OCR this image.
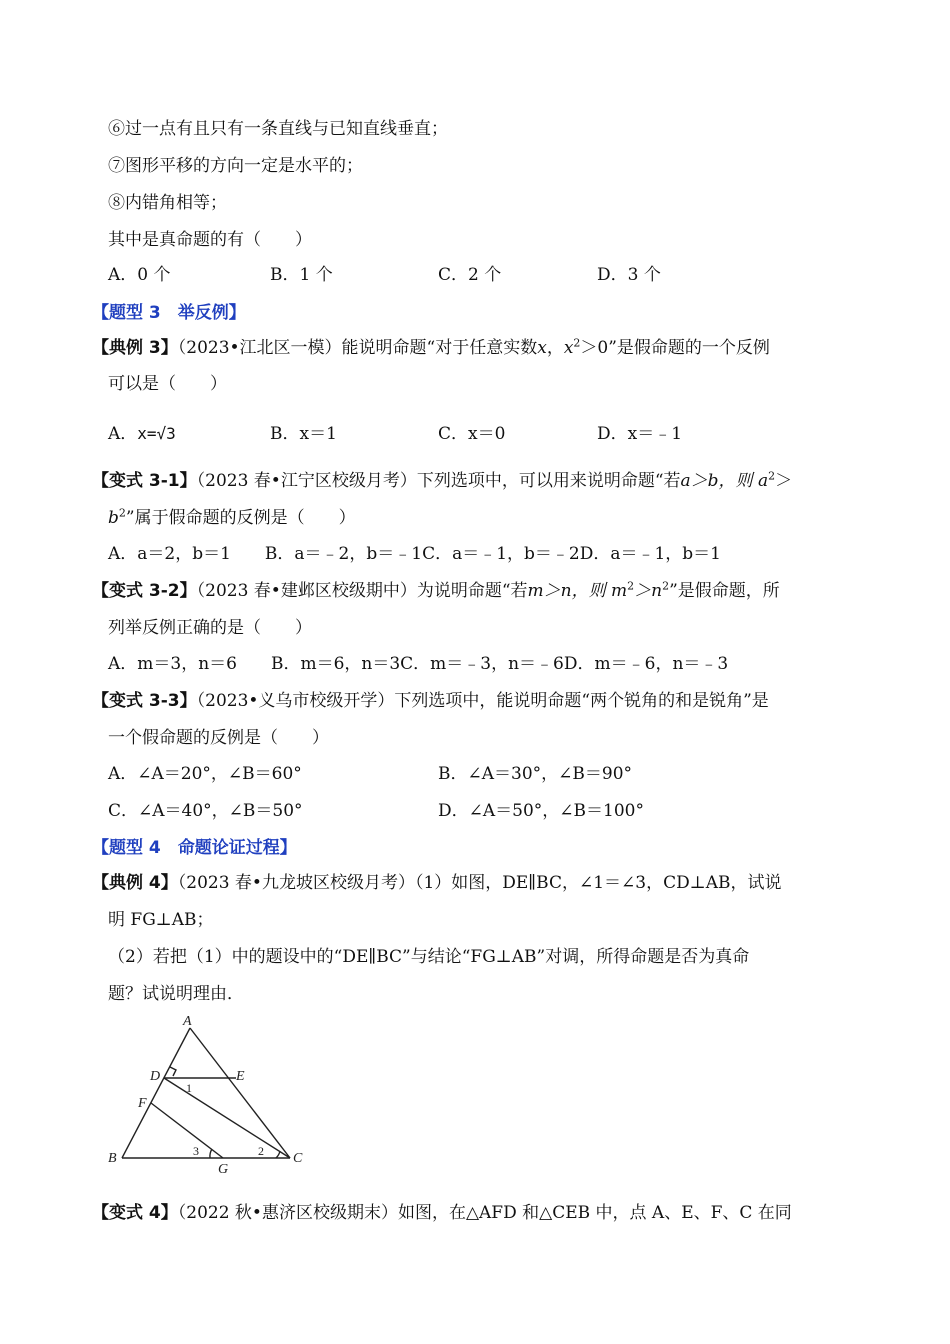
⑥过一点有且只有一条直线与已知直线垂直；
⑦图形平移的方向一定是水平的；
⑧内错角相等；
其中是真命题的有（　　）
A．0 个	B．1 个	C．2 个	D．3 个
【题型 3　举反例】
【典例 3】（2023•江北区一模）能说明命题“对于任意实数x，$x^2>0$”是假命题的一个反例
可以是（　　）
A．x=√3	B．x＝1	C．x＝0	D．x＝﹣1
【变式 3-1】（2023 春•江宁区校级月考）下列选项中，可以用来说明命题“若a＞b，则 $a^2>$
$b^2$”属于假命题的反例是（　　）
A．a＝2，b＝1　　B．a＝﹣2，b＝﹣1C．a＝﹣1，b＝﹣2D．a＝﹣1，b＝1
【变式 3-2】（2023 春•建邺区校级期中）为说明命题“若m＞n，则 $m^2>n^2$”是假命题，所
列举反例正确的是（　　）
A．m＝3，n＝6　　B．m＝6，n＝3C．m＝﹣3，n＝﹣6D．m＝﹣6，n＝﹣3
【变式 3-3】（2023•义乌市校级开学）下列选项中，能说明命题“两个锐角的和是锐角”是
一个假命题的反例是（　　）
A．∠A＝20°，∠B＝60°	B．∠A＝30°，∠B＝90°
C．∠A＝40°，∠B＝50°	D．∠A＝50°，∠B＝100°
【题型 4　命题论证过程】
【典例 4】（2023 春•九龙坡区校级月考）（1）如图，DE∥BC，∠1＝∠3，CD⊥AB，试说
明 FG⊥AB；
（2）若把（1）中的题设中的“DE∥BC”与结论“FG⊥AB”对调，所得命题是否为真命
题？试说明理由．
A
D	E
1
F
B	3	2 C
G
【变式 4】（2022 秋•惠济区校级期末）如图，在△AFD 和△CEB 中，点 A、E、F、C 在同
